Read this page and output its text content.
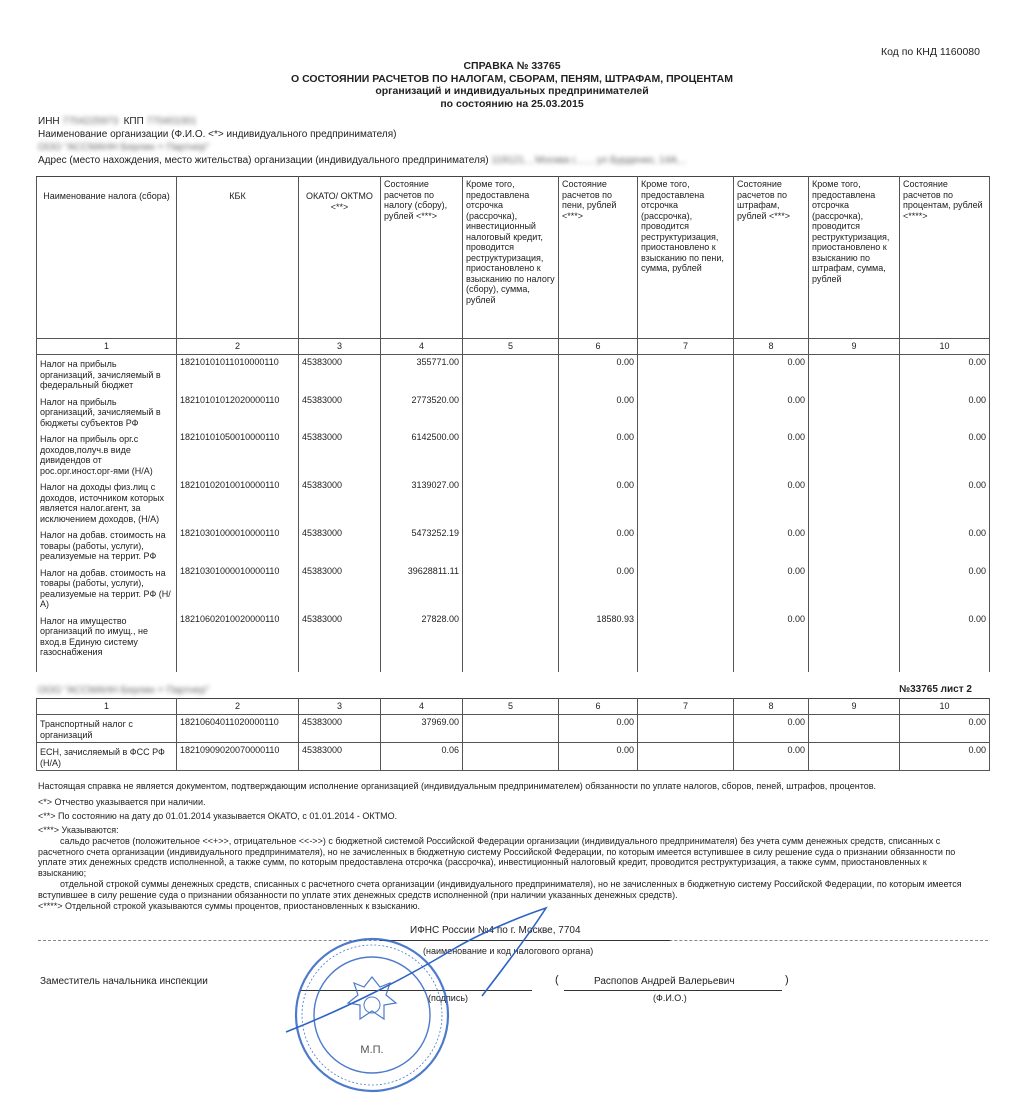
Код по КНД 1160080
СПРАВКА № 33765
О СОСТОЯНИИ РАСЧЕТОВ ПО НАЛОГАМ, СБОРАМ, ПЕНЯМ, ШТРАФАМ, ПРОЦЕНТАМ
организаций и индивидуальных предпринимателей
по состоянию на 25.03.2015
ИНН 7704225973 КПП 770401001
Наименование организации (Ф.И.О. <*> индивидуального предпринимателя)
ООО "АССМАНН Берлин + Партнер"
Адрес (место нахождения, место жительства) организации (индивидуального предпринимателя) 119121, , Москва г, , , , ул Бурденко, 14А, ,
Наименование налога (сбора)	КБК	ОКАТО/ ОКТМО <**>	Состояние расчетов по налогу (сбору), рублей <***>	Кроме того, предоставлена отсрочка (рассрочка), инвестиционный налоговый кредит, проводится реструктуризация, приостановлено к взысканию по налогу (сбору), сумма, рублей	Состояние расчетов по пени, рублей <***>	Кроме того, предоставлена отсрочка (рассрочка), проводится реструктуризация, приостановлено к взысканию по пени, сумма, рублей	Состояние расчетов по штрафам, рублей <***>	Кроме того, предоставлена отсрочка (рассрочка), проводится реструктуризация, приостановлено к взысканию по штрафам, сумма, рублей	Состояние расчетов по процентам, рублей <****>
1	2	3	4	5	6	7	8	9	10
Налог на прибыль организаций, зачисляемый в федеральный бюджет	18210101011010000110	45383000	355771.00		0.00		0.00		0.00
Налог на прибыль организаций, зачисляемый в бюджеты субъектов РФ	18210101012020000110	45383000	2773520.00		0.00		0.00		0.00
Налог на прибыль орг.с доходов,получ.в виде дивидендов от рос.орг.иност.орг-ями (Н/А)	18210101050010000110	45383000	6142500.00		0.00		0.00		0.00
Налог на доходы физ.лиц с доходов, источником которых является налог.агент, за исключением доходов, (Н/А)	18210102010010000110	45383000	3139027.00		0.00		0.00		0.00
Налог на добав. стоимость на товары (работы, услуги), реализуемые на террит. РФ	18210301000010000110	45383000	5473252.19		0.00		0.00		0.00
Налог на добав. стоимость на товары (работы, услуги), реализуемые на террит. РФ (Н/А)	18210301000010000110	45383000	39628811.11		0.00		0.00		0.00
Налог на имущество организаций по имущ., не вход.в Единую систему газоснабжения	18210602010020000110	45383000	27828.00		18580.93		0.00		0.00
ООО "АССМАНН Берлин + Партнер"	№33765 лист 2
1	2	3	4	5	6	7	8	9	10
Транспортный налог с организаций	18210604011020000110	45383000	37969.00		0.00		0.00		0.00
ЕСН, зачисляемый в ФСС РФ (Н/А)	18210909020070000110	45383000	0.06		0.00		0.00		0.00
Настоящая справка не является документом, подтверждающим исполнение организацией (индивидуальным предпринимателем) обязанности по уплате налогов, сборов, пеней, штрафов, процентов.
<*> Отчество указывается при наличии.
<**> По состоянию на дату до 01.01.2014 указывается ОКАТО, с 01.01.2014 - ОКТМО.
<***> Указываются:
сальдо расчетов (положительное <<+>>, отрицательное <<->>) с бюджетной системой Российской Федерации организации (индивидуального предпринимателя) без учета сумм денежных средств, списанных с расчетного счета организации (индивидуального предпринимателя), но не зачисленных в бюджетную систему Российской Федерации, по которым имеется вступившее в силу решение суда о признании обязанности по уплате этих денежных средств исполненной, а также сумм, по которым предоставлена отсрочка (рассрочка), инвестиционный налоговый кредит, проводится реструктуризация, а также сумм, приостановленных к взысканию;
отдельной строкой суммы денежных средств, списанных с расчетного счета организации (индивидуального предпринимателя), но не зачисленных в бюджетную систему Российской Федерации, по которым имеется вступившее в силу решение суда о признании обязанности по уплате этих денежных средств исполненной (при наличии указанных денежных средств).
<****> Отдельной строкой указываются суммы процентов, приостановленных к взысканию.
ИФНС России №4 по г. Москве, 7704
(наименование и код налогового органа)
Заместитель начальника инспекции
(подпись)
(	Распопов Андрей Валерьевич	)
(Ф.И.О.)
М.П.
